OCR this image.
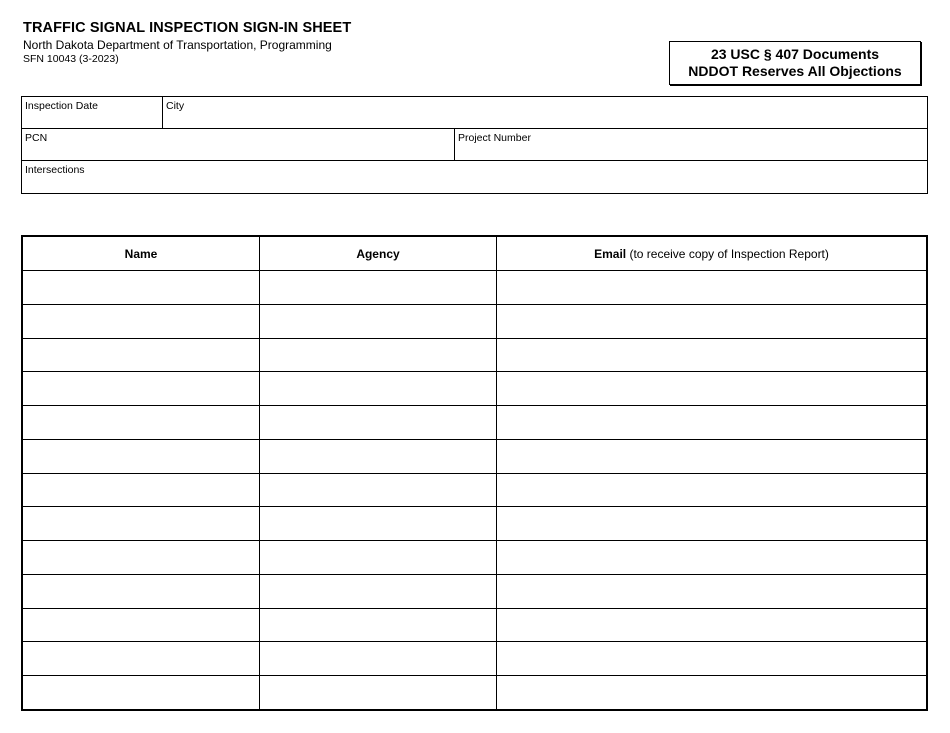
TRAFFIC SIGNAL INSPECTION SIGN-IN SHEET
North Dakota Department of Transportation, Programming
SFN 10043 (3-2023)	23 USC § 407 Documents
NDDOT Reserves All Objections
Inspection Date	City
PCN	Project Number
Intersections
Name	Agency	Email (to receive copy of Inspection Report)
